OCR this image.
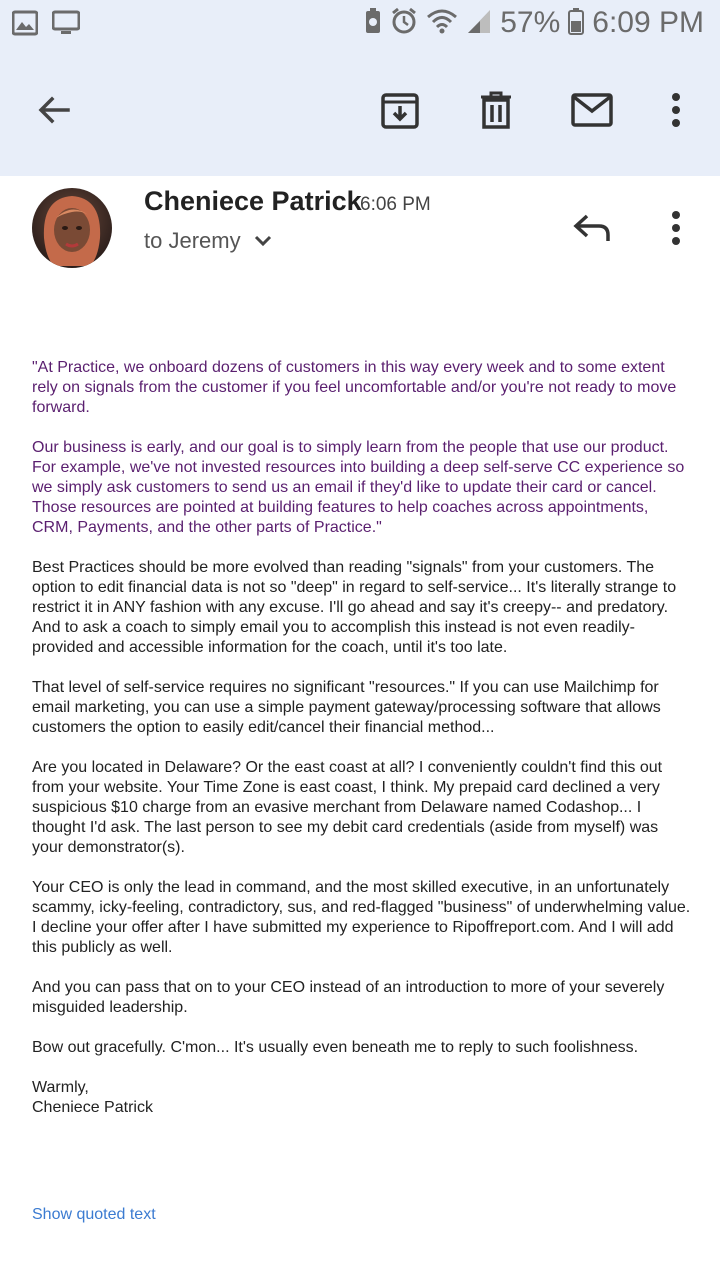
57% 6:09 PM
Cheniece Patrick
6:06 PM
to Jeremy

"At Practice, we onboard dozens of customers in this way every week and to some extent rely on signals from the customer if you feel uncomfortable and/or you're not ready to move forward.

Our business is early, and our goal is to simply learn from the people that use our product. For example, we've not invested resources into building a deep self-serve CC experience so we simply ask customers to send us an email if they'd like to update their card or cancel. Those resources are pointed at building features to help coaches across appointments, CRM, Payments, and the other parts of Practice."

Best Practices should be more evolved than reading "signals" from your customers. The option to edit financial data is not so "deep" in regard to self-service... It's literally strange to restrict it in ANY fashion with any excuse. I'll go ahead and say it's creepy-- and predatory. And to ask a coach to simply email you to accomplish this instead is not even readily-provided and accessible information for the coach, until it's too late.

That level of self-service requires no significant "resources." If you can use Mailchimp for email marketing, you can use a simple payment gateway/processing software that allows customers the option to easily edit/cancel their financial method...

Are you located in Delaware? Or the east coast at all? I conveniently couldn't find this out from your website. Your Time Zone is east coast, I think. My prepaid card declined a very suspicious $10 charge from an evasive merchant from Delaware named Codashop... I thought I'd ask. The last person to see my debit card credentials (aside from myself) was your demonstrator(s).

Your CEO is only the lead in command, and the most skilled executive, in an unfortunately scammy, icky-feeling, contradictory, sus, and red-flagged "business" of underwhelming value. I decline your offer after I have submitted my experience to Ripoffreport.com. And I will add this publicly as well.

And you can pass that on to your CEO instead of an introduction to more of your severely misguided leadership.

Bow out gracefully. C'mon... It's usually even beneath me to reply to such foolishness.

Warmly,
Cheniece Patrick
Show quoted text
